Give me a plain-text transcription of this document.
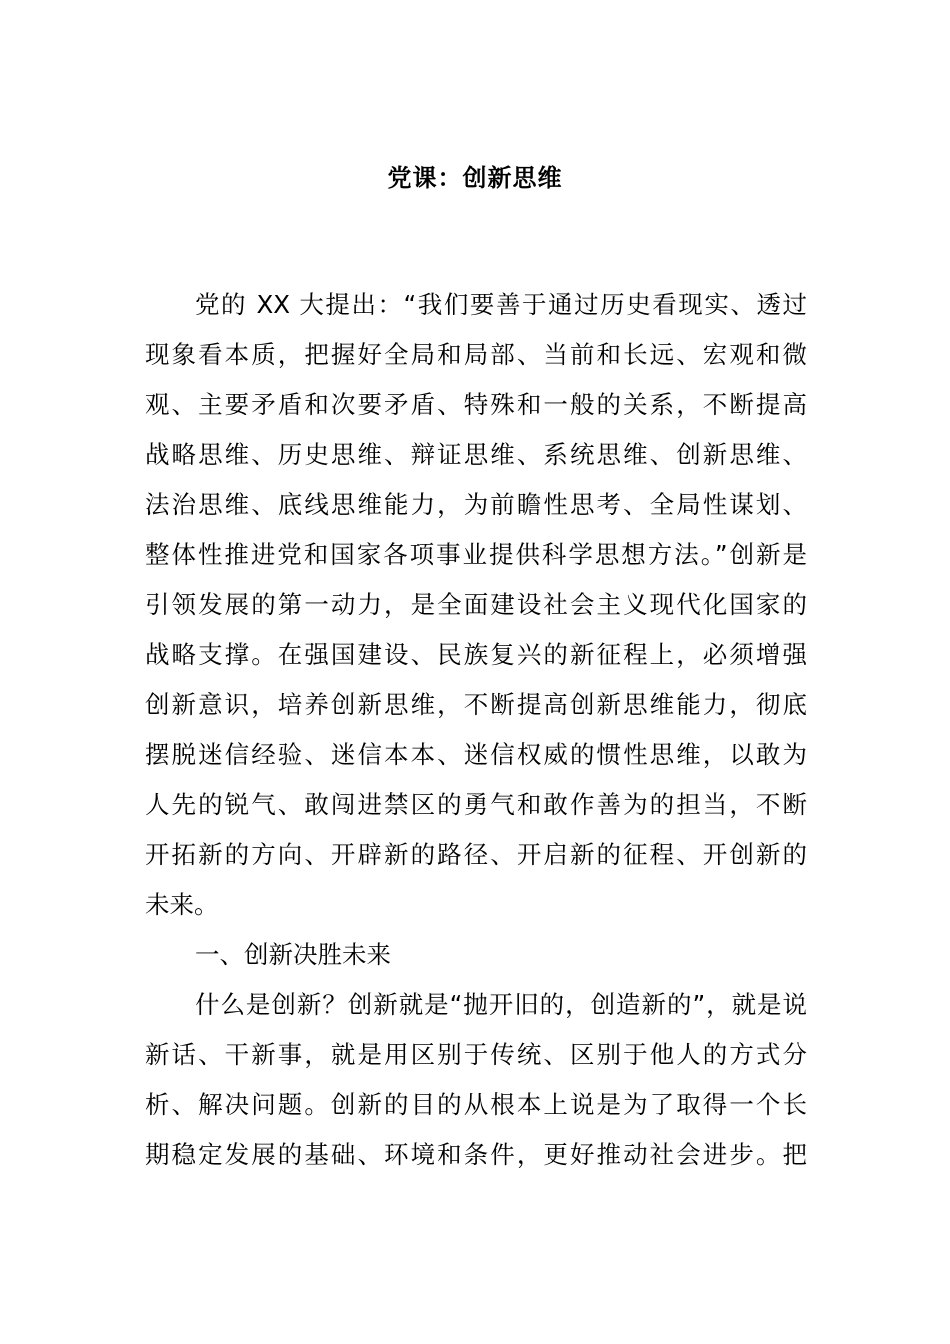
党课：创新思维
党的 XX 大提出：“我们要善于通过历史看现实、透过
现象看本质，把握好全局和局部、当前和长远、宏观和微
观、主要矛盾和次要矛盾、特殊和一般的关系，不断提高
战略思维、历史思维、辩证思维、系统思维、创新思维、
法治思维、底线思维能力，为前瞻性思考、全局性谋划、
整体性推进党和国家各项事业提供科学思想方法。”创新是
引领发展的第一动力，是全面建设社会主义现代化国家的
战略支撑。在强国建设、民族复兴的新征程上，必须增强
创新意识，培养创新思维，不断提高创新思维能力，彻底
摆脱迷信经验、迷信本本、迷信权威的惯性思维，以敢为
人先的锐气、敢闯进禁区的勇气和敢作善为的担当，不断
开拓新的方向、开辟新的路径、开启新的征程、开创新的
未来。
一、创新决胜未来
什么是创新？创新就是“抛开旧的，创造新的”，就是说
新话、干新事，就是用区别于传统、区别于他人的方式分
析、解决问题。创新的目的从根本上说是为了取得一个长
期稳定发展的基础、环境和条件，更好推动社会进步。把
